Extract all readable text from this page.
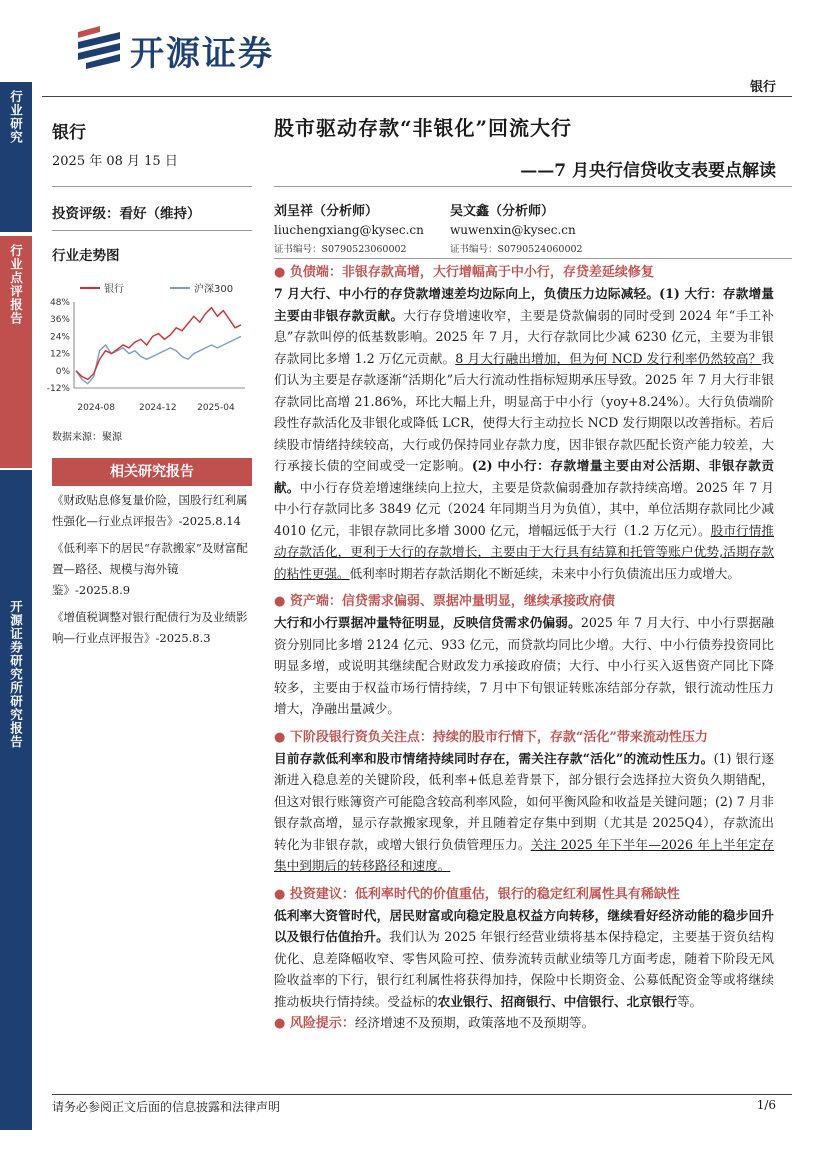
行业研究
行业点评报告
开源证券研究所研究报告
开源证券
银行
银行
2025 年 08 月 15 日
投资评级：看好（维持）
行业走势图
银行	沪深300
48%
36%
24%
12%
0%
-12%
2024-08	2024-12 2025-04
数据来源：聚源
相关研究报告
《财政贴息修复量价险，国股行红利属性强化—行业点评报告》-2025.8.14
《低利率下的居民“存款搬家”及财富配置—路径、规模与海外镜鉴》-2025.8.9
《增值税调整对银行配债行为及业绩影响—行业点评报告》-2025.8.3
股市驱动存款“非银化”回流大行
——7 月央行信贷收支表要点解读
刘呈祥（分析师）
liuchengxiang@kysec.cn
证书编号：S0790523060002
吴文鑫（分析师）
wuwenxin@kysec.cn
证书编号：S0790524060002
● 负债端：非银存款高增，大行增幅高于中小行，存贷差延续修复

7 月大行、中小行的存贷款增速差均边际向上，负债压力边际减轻。(1) 大行：存款增量主要由非银存款贡献。大行存贷增速收窄，主要是贷款偏弱的同时受到 2024 年“手工补息”存款叫停的低基数影响。2025 年 7 月，大行存款同比少减 6230 亿元，主要为非银存款同比多增 1.2 万亿元贡献。8 月大行融出增加，但为何 NCD 发行利率仍然较高？我们认为主要是存款逐渐“活期化”后大行流动性指标短期承压导致。2025 年 7 月大行非银存款同比高增 21.86%，环比大幅上升，明显高于中小行（yoy+8.24%）。大行负债端阶段性存款活化及非银化或降低 LCR，使得大行主动拉长 NCD 发行期限以改善指标。若后续股市情绪持续较高，大行或仍保持同业存款力度，因非银存款匹配长资产能力较差，大行承接长债的空间或受一定影响。(2) 中小行：存款增量主要由对公活期、非银存款贡献。中小行存贷差增速继续向上拉大，主要是贷款偏弱叠加存款持续高增。2025 年 7 月中小行存款同比多 3849 亿元（2024 年同期当月为负值），其中，单位活期存款同比少减 4010 亿元，非银存款同比多增 3000 亿元，增幅远低于大行（1.2 万亿元）。股市行情推动存款活化，更利于大行的存款增长，主要由于大行具有结算和托管等账户优势,活期存款的粘性更强。低利率时期若存款活期化不断延续，未来中小行负债流出压力或增大。

● 资产端：信贷需求偏弱、票据冲量明显，继续承接政府债

大行和小行票据冲量特征明显，反映信贷需求仍偏弱。2025 年 7 月大行、中小行票据融资分别同比多增 2124 亿元、933 亿元，而贷款均同比少增。大行、中小行债券投资同比明显多增，或说明其继续配合财政发力承接政府债；大行、中小行买入返售资产同比下降较多，主要由于权益市场行情持续，7 月中下旬银证转账冻结部分存款，银行流动性压力增大，净融出量减少。

● 下阶段银行资负关注点：持续的股市行情下，存款“活化”带来流动性压力

目前存款低利率和股市情绪持续同时存在，需关注存款“活化”的流动性压力。(1) 银行逐渐进入稳息差的关键阶段，低利率+低息差背景下，部分银行会选择拉大资负久期错配，但这对银行账簿资产可能隐含较高利率风险，如何平衡风险和收益是关键问题；(2) 7 月非银存款高增，显示存款搬家现象，并且随着定存集中到期（尤其是 2025Q4），存款流出转化为非银存款，或增大银行负债管理压力。关注 2025 年下半年—2026 年上半年定存集中到期后的转移路径和速度。

● 投资建议：低利率时代的价值重估，银行的稳定红利属性具有稀缺性

低利率大资管时代，居民财富或向稳定股息权益方向转移，继续看好经济动能的稳步回升以及银行估值抬升。我们认为 2025 年银行经营业绩将基本保持稳定，主要基于资负结构优化、息差降幅收窄、零售风险可控、债券流转贡献业绩等几方面考虑，随着下阶段无风险收益率的下行，银行红利属性将获得加持，保险中长期资金、公募低配资金等或将继续推动板块行情持续。受益标的农业银行、招商银行、中信银行、北京银行等。

● 风险提示：经济增速不及预期，政策落地不及预期等。

请务必参阅正文后面的信息披露和法律声明	1/6
